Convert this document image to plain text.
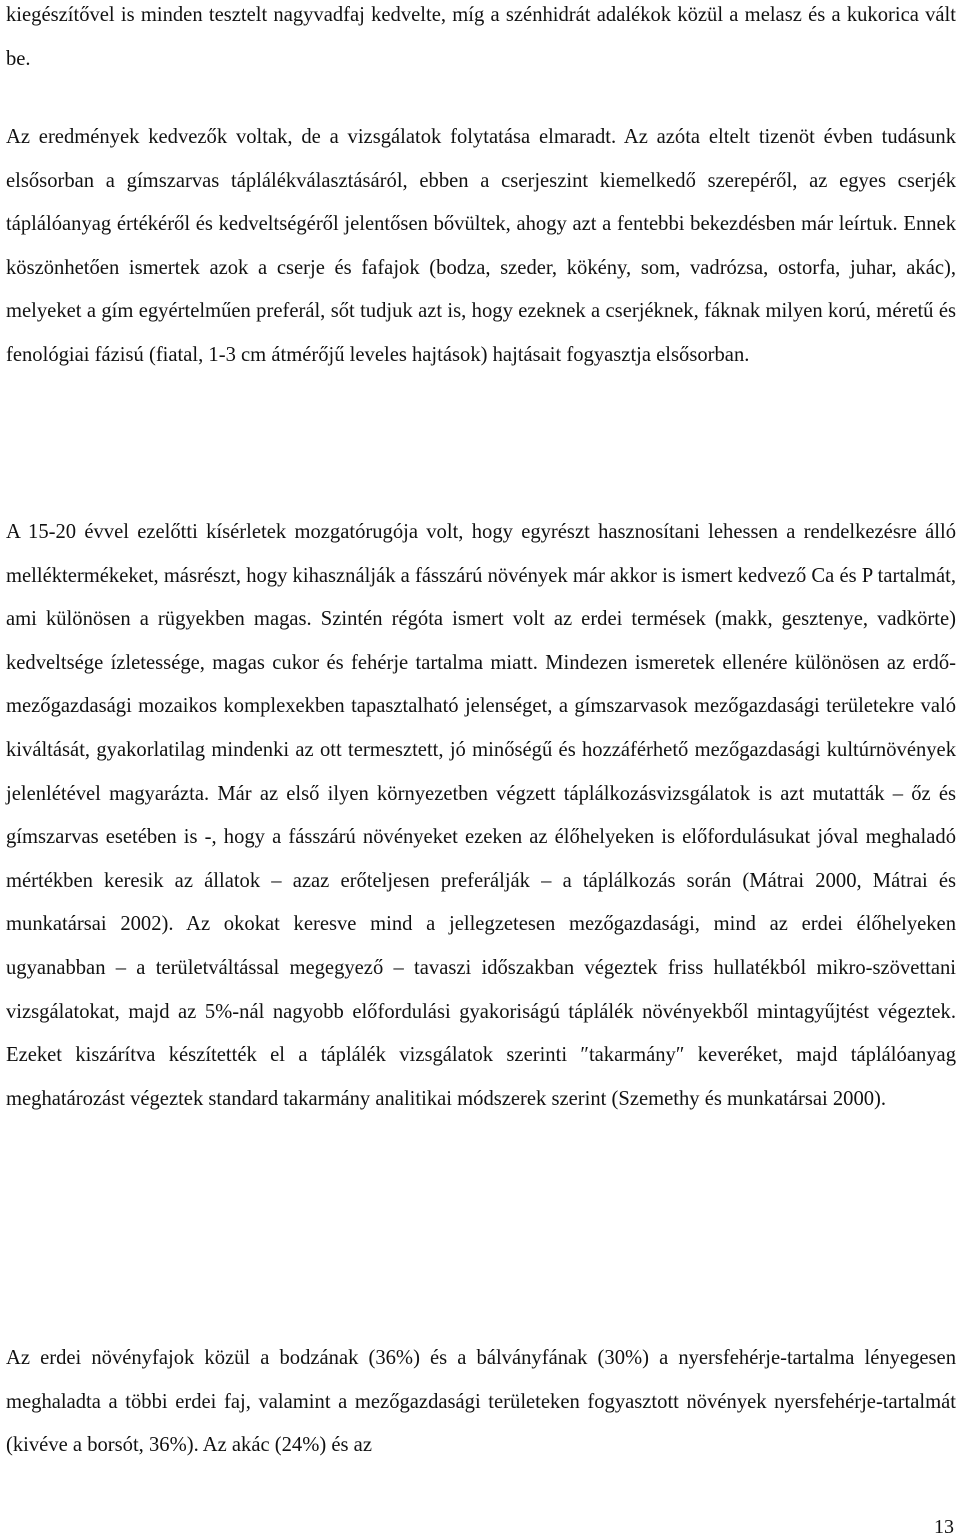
kiegészítővel is minden tesztelt nagyvadfaj kedvelte, míg a szénhidrát adalékok közül a melasz és a kukorica vált be.

Az eredmények kedvezők voltak, de a vizsgálatok folytatása elmaradt. Az azóta eltelt tizenöt évben tudásunk elsősorban a gímszarvas táplálékválasztásáról, ebben a cserjeszint kiemelkedő szerepéről, az egyes cserjék táplálóanyag értékéről és kedveltségéről jelentősen bővültek, ahogy azt a fentebbi bekezdésben már leírtuk. Ennek köszönhetően ismertek azok a cserje és fafajok (bodza, szeder, kökény, som, vadrózsa, ostorfa, juhar, akác), melyeket a gím egyértelműen preferál, sőt tudjuk azt is, hogy ezeknek a cserjéknek, fáknak milyen korú, méretű és fenológiai fázisú (fiatal, 1-3 cm átmérőjű leveles hajtások) hajtásait fogyasztja elsősorban.

A 15-20 évvel ezelőtti kísérletek mozgatórugója volt, hogy egyrészt hasznosítani lehessen a rendelkezésre álló melléktermékeket, másrészt, hogy kihasználják a fásszárú növények már akkor is ismert kedvező Ca és P tartalmát, ami különösen a rügyekben magas. Szintén régóta ismert volt az erdei termések (makk, gesztenye, vadkörte) kedveltsége ízletessége, magas cukor és fehérje tartalma miatt. Mindezen ismeretek ellenére különösen az erdő-mezőgazdasági mozaikos komplexekben tapasztalható jelenséget, a gímszarvasok mezőgazdasági területekre való kiváltását, gyakorlatilag mindenki az ott termesztett, jó minőségű és hozzáférhető mezőgazdasági kultúrnövények jelenlétével magyarázta. Már az első ilyen környezetben végzett táplálkozásvizsgálatok is azt mutatták – őz és gímszarvas esetében is -, hogy a fásszárú növényeket ezeken az élőhelyeken is előfordulásukat jóval meghaladó mértékben keresik az állatok – azaz erőteljesen preferálják – a táplálkozás során (Mátrai 2000, Mátrai és munkatársai 2002). Az okokat keresve mind a jellegzetesen mezőgazdasági, mind az erdei élőhelyeken ugyanabban – a területváltással megegyező – tavaszi időszakban végeztek friss hullatékból mikro-szövettani vizsgálatokat, majd az 5%-nál nagyobb előfordulási gyakoriságú táplálék növényekből mintagyűjtést végeztek. Ezeket kiszárítva készítették el a táplálék vizsgálatok szerinti ″takarmány″ keveréket, majd táplálóanyag meghatározást végeztek standard takarmány analitikai módszerek szerint (Szemethy és munkatársai 2000).

Az erdei növényfajok közül a bodzának (36%) és a bálványfának (30%) a nyersfehérje-tartalma lényegesen meghaladta a többi erdei faj, valamint a mezőgazdasági területeken fogyasztott növények nyersfehérje-tartalmát (kivéve a borsót, 36%). Az akác (24%) és az

13
